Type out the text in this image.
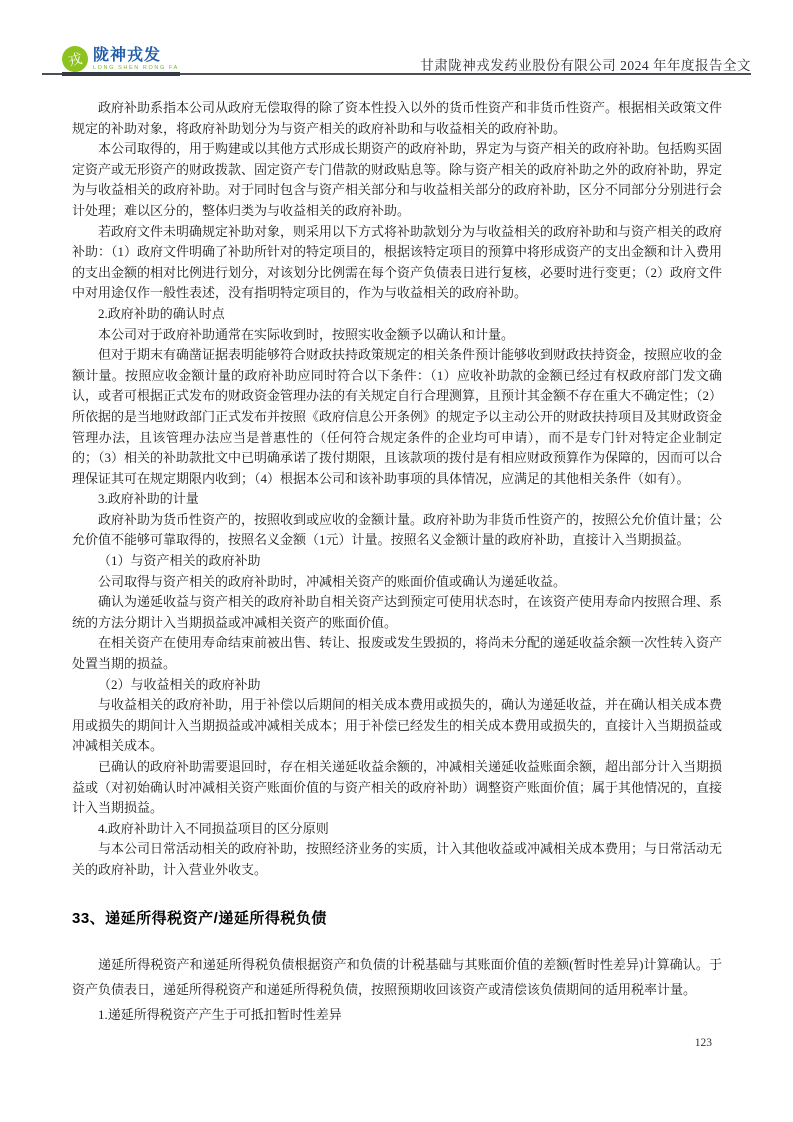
戎 陇神戎发
LONG SHEN RONG FA	甘肃陇神戎发药业股份有限公司 2024 年年度报告全文

政府补助系指本公司从政府无偿取得的除了资本性投入以外的货币性资产和非货币性资产。根据相关政策文件规定的补助对象，将政府补助划分为与资产相关的政府补助和与收益相关的政府补助。

本公司取得的，用于购建或以其他方式形成长期资产的政府补助，界定为与资产相关的政府补助。包括购买固定资产或无形资产的财政拨款、固定资产专门借款的财政贴息等。除与资产相关的政府补助之外的政府补助，界定为与收益相关的政府补助。对于同时包含与资产相关部分和与收益相关部分的政府补助，区分不同部分分别进行会计处理；难以区分的，整体归类为与收益相关的政府补助。

若政府文件未明确规定补助对象，则采用以下方式将补助款划分为与收益相关的政府补助和与资产相关的政府补助：（1）政府文件明确了补助所针对的特定项目的，根据该特定项目的预算中将形成资产的支出金额和计入费用的支出金额的相对比例进行划分，对该划分比例需在每个资产负债表日进行复核，必要时进行变更；（2）政府文件中对用途仅作一般性表述，没有指明特定项目的，作为与收益相关的政府补助。

2.政府补助的确认时点

本公司对于政府补助通常在实际收到时，按照实收金额予以确认和计量。

但对于期末有确凿证据表明能够符合财政扶持政策规定的相关条件预计能够收到财政扶持资金，按照应收的金额计量。按照应收金额计量的政府补助应同时符合以下条件：（1）应收补助款的金额已经过有权政府部门发文确认，或者可根据正式发布的财政资金管理办法的有关规定自行合理测算，且预计其金额不存在重大不确定性；（2）所依据的是当地财政部门正式发布并按照《政府信息公开条例》的规定予以主动公开的财政扶持项目及其财政资金管理办法，且该管理办法应当是普惠性的（任何符合规定条件的企业均可申请），而不是专门针对特定企业制定的；（3）相关的补助款批文中已明确承诺了拨付期限，且该款项的拨付是有相应财政预算作为保障的，因而可以合理保证其可在规定期限内收到；（4）根据本公司和该补助事项的具体情况，应满足的其他相关条件（如有）。

3.政府补助的计量

政府补助为货币性资产的，按照收到或应收的金额计量。政府补助为非货币性资产的，按照公允价值计量；公允价值不能够可靠取得的，按照名义金额（1元）计量。按照名义金额计量的政府补助，直接计入当期损益。

（1）与资产相关的政府补助

公司取得与资产相关的政府补助时，冲减相关资产的账面价值或确认为递延收益。

确认为递延收益与资产相关的政府补助自相关资产达到预定可使用状态时，在该资产使用寿命内按照合理、系统的方法分期计入当期损益或冲减相关资产的账面价值。

在相关资产在使用寿命结束前被出售、转让、报废或发生毁损的，将尚未分配的递延收益余额一次性转入资产处置当期的损益。

（2）与收益相关的政府补助

与收益相关的政府补助，用于补偿以后期间的相关成本费用或损失的，确认为递延收益，并在确认相关成本费用或损失的期间计入当期损益或冲减相关成本；用于补偿已经发生的相关成本费用或损失的，直接计入当期损益或冲减相关成本。

已确认的政府补助需要退回时，存在相关递延收益余额的，冲减相关递延收益账面余额，超出部分计入当期损益或（对初始确认时冲减相关资产账面价值的与资产相关的政府补助）调整资产账面价值；属于其他情况的，直接计入当期损益。

4.政府补助计入不同损益项目的区分原则

与本公司日常活动相关的政府补助，按照经济业务的实质，计入其他收益或冲减相关成本费用；与日常活动无关的政府补助，计入营业外收支。

33、递延所得税资产/递延所得税负债

递延所得税资产和递延所得税负债根据资产和负债的计税基础与其账面价值的差额(暂时性差异)计算确认。于资产负债表日，递延所得税资产和递延所得税负债，按照预期收回该资产或清偿该负债期间的适用税率计量。

1.递延所得税资产产生于可抵扣暂时性差异

123
